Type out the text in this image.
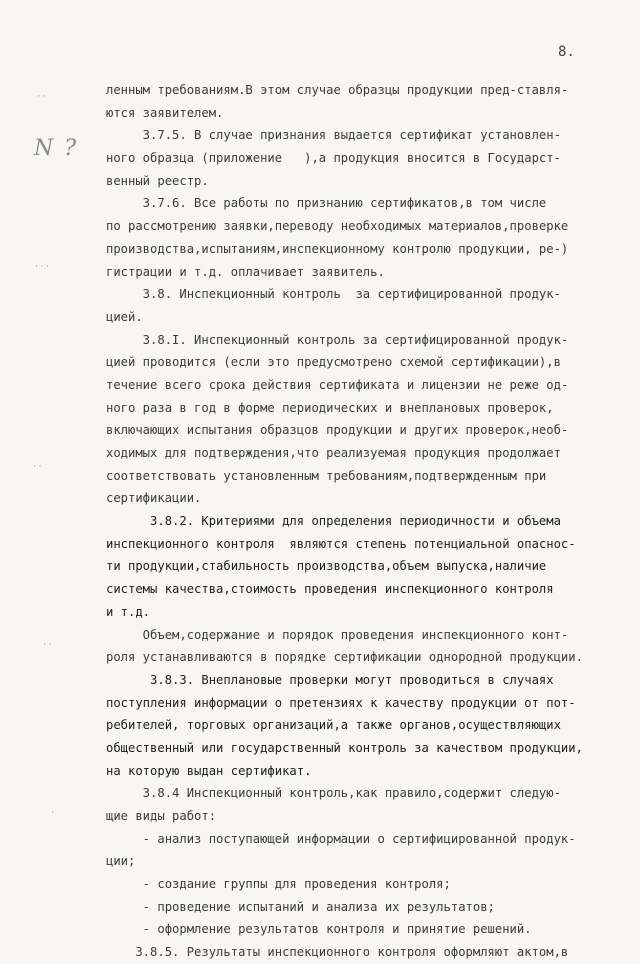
8.
N ?
⋅⋅
⋅⋅⋅
⋅⋅
⋅⋅
⋅
ленным требованиям.В этом случае образцы продукции пред-ставля-
ются заявителем.
3.7.5. В случае признания выдается сертификат установлен-
ного образца (приложение   ),а продукция вносится в Государст-
венный реестр.
3.7.6. Все работы по признанию сертификатов,в том числе
по рассмотрению заявки,переводу необходимых материалов,проверке
производства,испытаниям,инспекционному контролю продукции, ре-)
гистрации и т.д. оплачивает заявитель.
3.8. Инспекционный контроль  за сертифицированной продук-
цией.
3.8.I. Инспекционный контроль за сертифицированной продук-
цией проводится (если это предусмотрено схемой сертификации),в
течение всего срока действия сертификата и лицензии не реже од-
ного раза в год в форме периодических и внеплановых проверок,
включающих испытания образцов продукции и других проверок,необ-
ходимых для подтверждения,что реализуемая продукция продолжает
соответствовать установленным требованиям,подтвержденным при
сертификации.
3.8.2. Критериями для определения периодичности и объема
инспекционного контроля  являются степень потенциальной опаснос-
ти продукции,стабильность производства,объем выпуска,наличие
системы качества,стоимость проведения инспекционного контроля
и т.д.
Объем,содержание и порядок проведения инспекционного конт-
роля устанавливаются в порядке сертификации однородной продукции.
3.8.3. Внеплановые проверки могут проводиться в случаях
поступления информации о претензиях к качеству продукции от пот-
ребителей, торговых организаций,а также органов,осуществляющих
общественный или государственный контроль за качеством продукции,
на которую выдан сертификат.
3.8.4 Инспекционный контроль,как правило,содержит следую-
щие виды работ:
- анализ поступающей информации о сертифицированной продук-
ции;
- создание группы для проведения контроля;
- проведение испытаний и анализа их результатов;
- оформление результатов контроля и принятие решений.
3.8.5. Результаты инспекционного контроля оформляют актом,в
